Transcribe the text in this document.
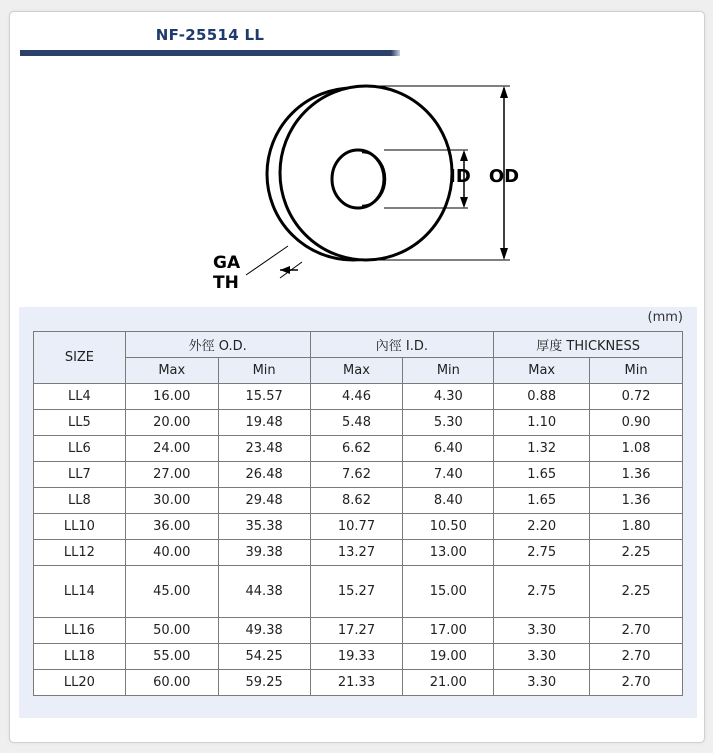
NF-25514 LL
GA
TH
ID OD
(mm)
SIZE	外徑 O.D.		內徑 I.D.		厚度 THICKNESS	
	Max	Min	Max	Min	Max	Min
LL4	16.00	15.57	4.46	4.30	0.88	0.72
LL5	20.00	19.48	5.48	5.30	1.10	0.90
LL6	24.00	23.48	6.62	6.40	1.32	1.08
LL7	27.00	26.48	7.62	7.40	1.65	1.36
LL8	30.00	29.48	8.62	8.40	1.65	1.36
LL10	36.00	35.38	10.77	10.50	2.20	1.80
LL12	40.00	39.38	13.27	13.00	2.75	2.25
LL14	45.00	44.38	15.27	15.00	2.75	2.25
LL16	50.00	49.38	17.27	17.00	3.30	2.70
LL18	55.00	54.25	19.33	19.00	3.30	2.70
LL20	60.00	59.25	21.33	21.00	3.30	2.70
